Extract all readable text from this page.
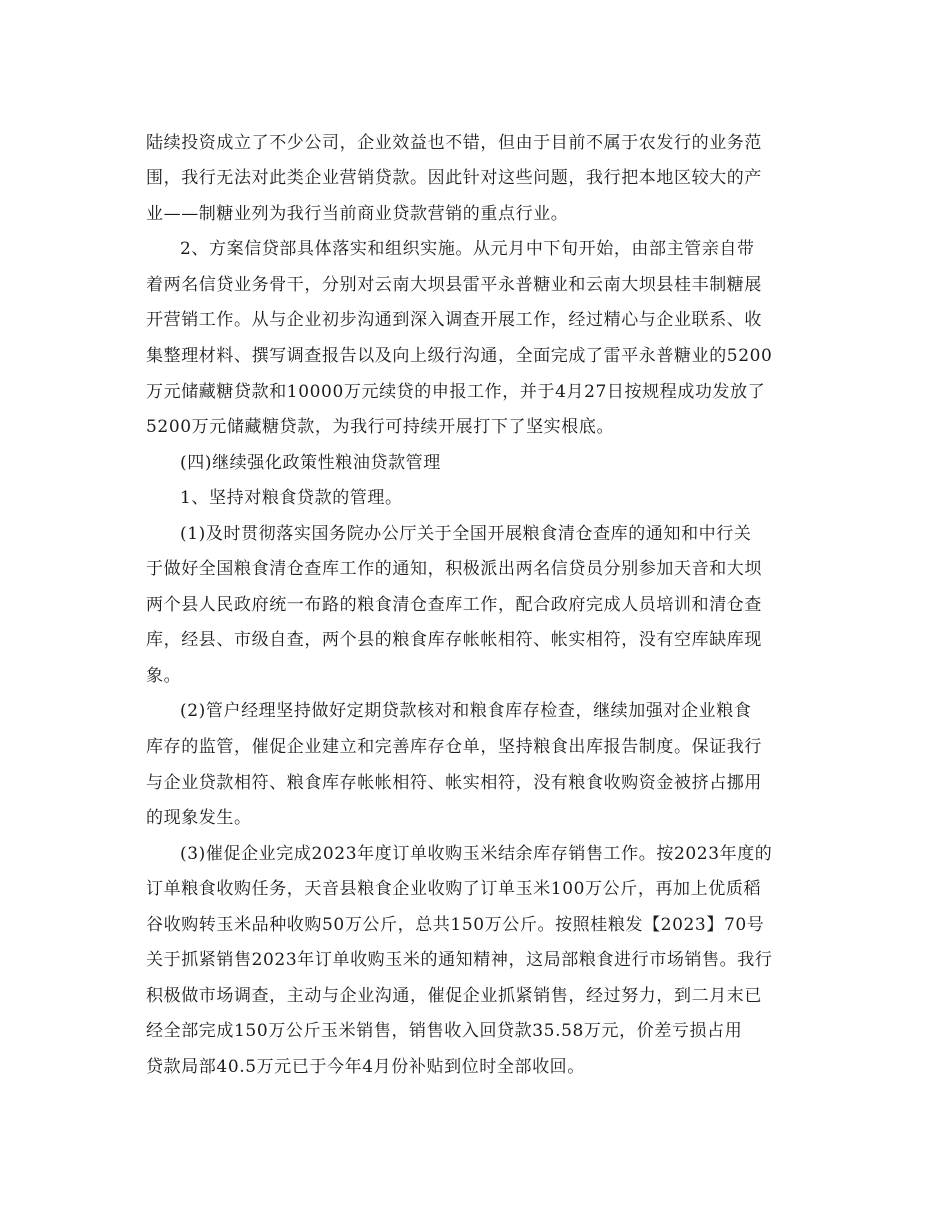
陆续投资成立了不少公司，企业效益也不错，但由于目前不属于农发行的业务范
围，我行无法对此类企业营销贷款。因此针对这些问题，我行把本地区较大的产
业——制糖业列为我行当前商业贷款营销的重点行业。
2、方案信贷部具体落实和组织实施。从元月中下旬开始，由部主管亲自带
着两名信贷业务骨干，分别对云南大坝县雷平永普糖业和云南大坝县桂丰制糖展
开营销工作。从与企业初步沟通到深入调查开展工作，经过精心与企业联系、收
集整理材料、撰写调查报告以及向上级行沟通，全面完成了雷平永普糖业的5200
万元储藏糖贷款和10000万元续贷的申报工作，并于4月27日按规程成功发放了
5200万元储藏糖贷款，为我行可持续开展打下了坚实根底。
(四)继续强化政策性粮油贷款管理
1、坚持对粮食贷款的管理。
(1)及时贯彻落实国务院办公厅关于全国开展粮食清仓查库的通知和中行关
于做好全国粮食清仓查库工作的通知，积极派出两名信贷员分别参加天音和大坝
两个县人民政府统一布路的粮食清仓查库工作，配合政府完成人员培训和清仓查
库，经县、市级自查，两个县的粮食库存帐帐相符、帐实相符，没有空库缺库现
象。
(2)管户经理坚持做好定期贷款核对和粮食库存检查，继续加强对企业粮食
库存的监管，催促企业建立和完善库存仓单，坚持粮食出库报告制度。保证我行
与企业贷款相符、粮食库存帐帐相符、帐实相符，没有粮食收购资金被挤占挪用
的现象发生。
(3)催促企业完成2023年度订单收购玉米结余库存销售工作。按2023年度的
订单粮食收购任务，天音县粮食企业收购了订单玉米100万公斤，再加上优质稻
谷收购转玉米品种收购50万公斤，总共150万公斤。按照桂粮发【2023】70号
关于抓紧销售2023年订单收购玉米的通知精神，这局部粮食进行市场销售。我行
积极做市场调查，主动与企业沟通，催促企业抓紧销售，经过努力，到二月末已
经全部完成150万公斤玉米销售，销售收入回贷款35.58万元，价差亏损占用
贷款局部40.5万元已于今年4月份补贴到位时全部收回。
